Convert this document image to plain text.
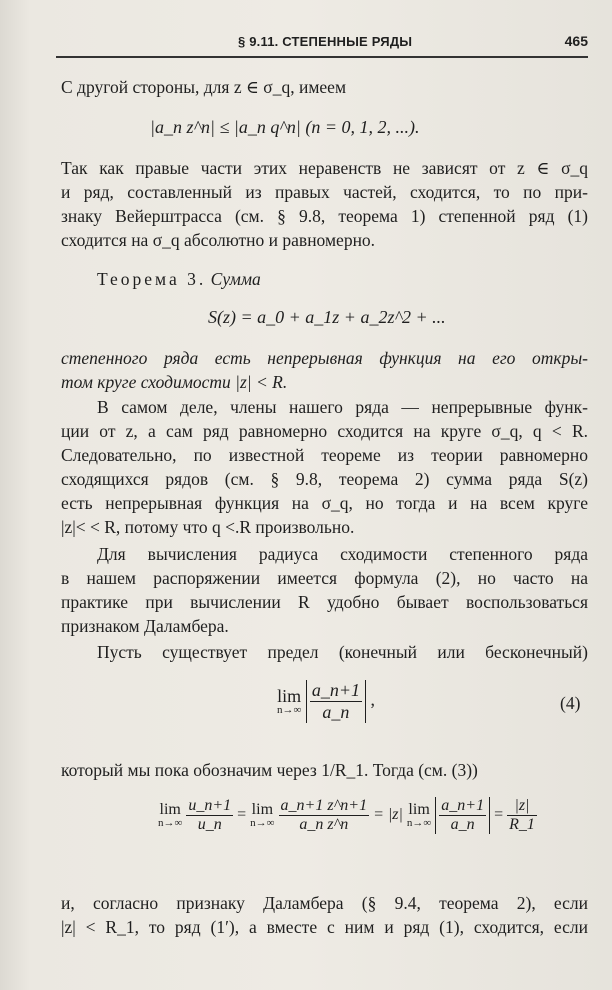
§ 9.11. СТЕПЕННЫЕ РЯДЫ	465
С другой стороны, для z ∈ σ_q, имеем
|a_n z^n| ≤ |a_n q^n| (n = 0, 1, 2, ...).
Так как правые части этих неравенств не зависят от z ∈ σ_q
и ряд, составленный из правых частей, сходится, то по при-
знаку Вейерштрасса (см. § 9.8, теорема 1) степенной ряд (1)
сходится на σ_q абсолютно и равномерно.
Теорема 3. Сумма
S(z) = a_0 + a_1z + a_2z^2 + ...
степенного ряда есть непрерывная функция на его откры-
том круге сходимости |z| < R.
В самом деле, члены нашего ряда — непрерывные функ-
ции от z, а сам ряд равномерно сходится на круге σ_q, q < R.
Следовательно, по известной теореме из теории равномерно
сходящихся рядов (см. § 9.8, теорема 2) сумма ряда S(z)
есть непрерывная функция на σ_q, но тогда и на всем круге
|z|< < R, потому что q <.R произвольно.
Для вычисления радиуса сходимости степенного ряда
в нашем распоряжении имеется формула (2), но часто на
практике при вычислении R удобно бывает воспользоваться
признаком Даламбера.
Пусть существует предел (конечный или бесконечный)
lim
n→∞
$\frac{a\_n+1}{a\_n}$ ,	(4)
который мы пока обозначим через 1/R_1. Тогда (см. (3))
lim
n→∞
$\frac{u\_n+1}{u\_n} = \lim$
n→∞
$\frac{a\_n+1 z\^{}n+1}{\text{a\_n z\textasciicircum{}n}} = |z|$ lim
n→∞
$\frac{a\_n+1}{a\_n} = \frac{|z|}{R\_1}$
и, согласно признаку Даламбера (§ 9.4, теорема 2), если
|z| < R_1, то ряд (1′), а вместе с ним и ряд (1), сходится, если
